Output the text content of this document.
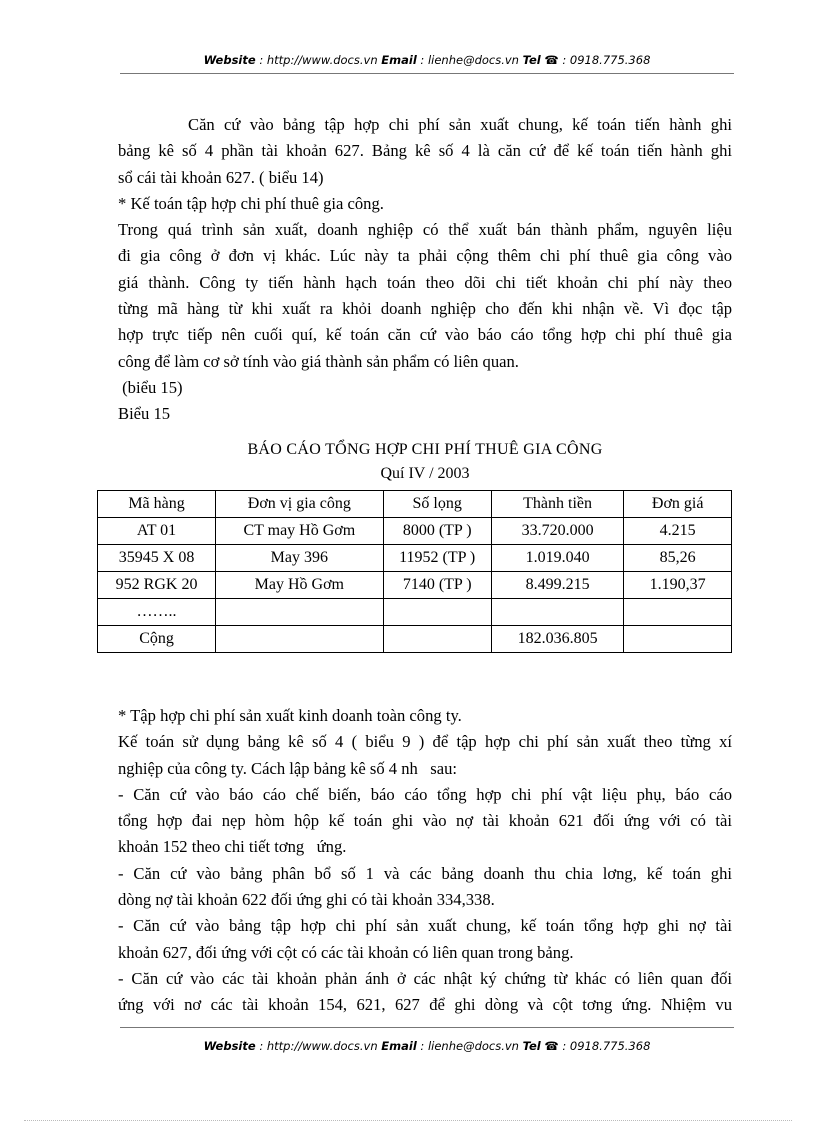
Website : http://www.docs.vn Email : lienhe@docs.vn Tel ☎ : 0918.775.368
Căn cứ vào bảng tập hợp chi phí sản xuất chung, kế toán tiến hành ghi
bảng kê số 4 phần tài khoản 627. Bảng kê số 4 là căn cứ để kế toán tiến hành ghi
sổ cái tài khoản 627. ( biểu 14)
* Kế toán tập hợp chi phí thuê gia công.
Trong quá trình sản xuất, doanh nghiệp có thể xuất bán thành phẩm, nguyên liệu
đi gia công ở đơn vị khác. Lúc này ta phải cộng thêm chi phí thuê gia công vào
giá thành. Công ty tiến hành hạch toán theo dõi chi tiết khoản chi phí này theo
từng mã hàng từ khi xuất ra khỏi doanh nghiệp cho đến khi nhận về. Vì đọc tập
hợp trực tiếp nên cuối quí, kế toán căn cứ vào báo cáo tổng hợp chi phí thuê gia
công để làm cơ sở tính vào giá thành sản phẩm có liên quan.
(biểu 15)
Biểu 15
BÁO CÁO TỔNG HỢP CHI PHÍ THUÊ GIA CÔNG
Quí IV / 2003
Mã hàng	Đơn vị gia công	Số lọng	Thành tiền	Đơn giá
AT 01	CT may Hồ Gơm	8000 (TP )	33.720.000	4.215
35945 X 08	May 396	11952 (TP )	1.019.040	85,26
952 RGK 20	May Hồ Gơm	7140 (TP )	8.499.215	1.190,37
……..				
Cộng			182.036.805	
* Tập hợp chi phí sản xuất kinh doanh toàn công ty.
Kế toán sử dụng bảng kê số 4 ( biểu 9 ) để tập hợp chi phí sản xuất theo từng xí
nghiệp của công ty. Cách lập bảng kê số 4 nh   sau:
- Căn cứ vào báo cáo chế biến, báo cáo tổng hợp chi phí vật liệu phụ, báo cáo
tổng hợp đai nẹp hòm hộp kế toán ghi vào nợ tài khoản 621 đối ứng với có tài
khoản 152 theo chi tiết tơng   ứng.
- Căn cứ vào bảng phân bổ số 1 và các bảng doanh thu chia lơng, kế toán ghi
dòng nợ tài khoản 622 đối ứng ghi có tài khoản 334,338.
- Căn cứ vào bảng tập hợp chi phí sản xuất chung, kế toán tổng hợp ghi nợ tài
khoản 627, đối ứng với cột có các tài khoản có liên quan trong bảng.
- Căn cứ vào các tài khoản phản ánh ở các nhật ký chứng từ khác có liên quan đối
ứng với nơ các tài khoản 154, 621, 627 để ghi dòng và cột tơng ứng. Nhiệm vu
Website : http://www.docs.vn Email : lienhe@docs.vn Tel ☎ : 0918.775.368
